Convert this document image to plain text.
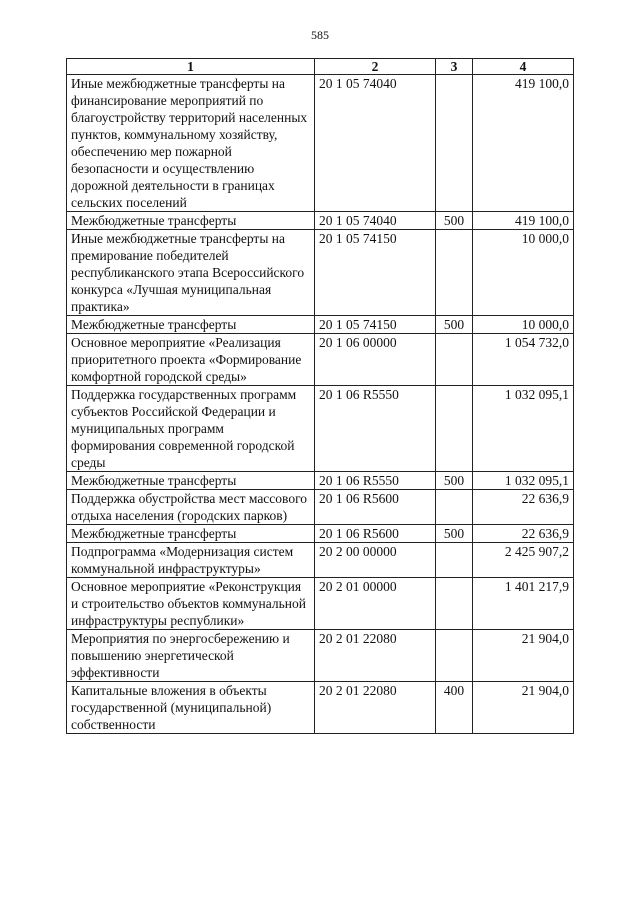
585
1	2	3	4
Иные межбюджетные трансферты на финансирование мероприятий по благоустройству территорий населенных пунктов, коммунальному хозяйству, обеспечению мер пожарной безопасности и осуществлению дорожной деятельности в границах сельских поселений	20 1 05 74040		419 100,0
Межбюджетные трансферты	20 1 05 74040	500	419 100,0
Иные межбюджетные трансферты на премирование победителей республиканского этапа Всероссийского конкурса «Лучшая муниципальная практика»	20 1 05 74150		10 000,0
Межбюджетные трансферты	20 1 05 74150	500	10 000,0
Основное мероприятие «Реализация приоритетного проекта «Формирование комфортной городской среды»	20 1 06 00000		1 054 732,0
Поддержка государственных программ субъектов Российской Федерации и муниципальных программ формирования современной городской среды	20 1 06 R5550		1 032 095,1
Межбюджетные трансферты	20 1 06 R5550	500	1 032 095,1
Поддержка обустройства мест массового отдыха населения (городских парков)	20 1 06 R5600		22 636,9
Межбюджетные трансферты	20 1 06 R5600	500	22 636,9
Подпрограмма «Модернизация систем коммунальной инфраструктуры»	20 2 00 00000		2 425 907,2
Основное мероприятие «Реконструкция и строительство объектов коммунальной инфраструктуры республики»	20 2 01 00000		1 401 217,9
Мероприятия по энергосбережению и повышению энергетической эффективности	20 2 01 22080		21 904,0
Капитальные вложения в объекты государственной (муниципальной) собственности	20 2 01 22080	400	21 904,0
